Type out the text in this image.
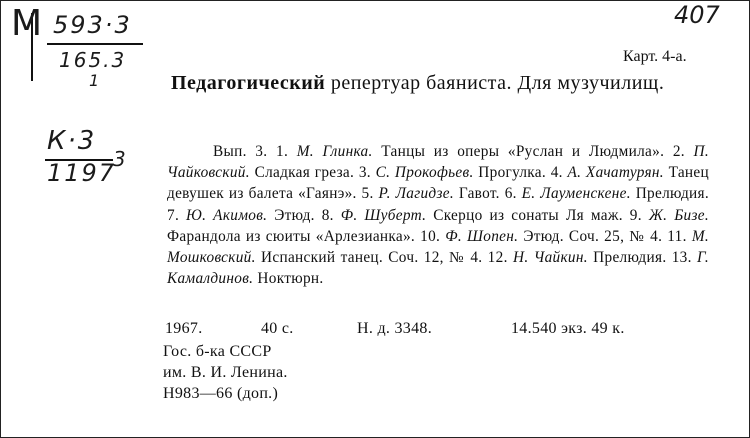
М 593·3
165.3
1
К·3
1197
3
407
Карт. 4-а.
Педагогический репертуар баяниста. Для музучилищ.
Вып. 3. 1. М. Глинка. Танцы из оперы «Руслан и Людмила». 2. П. Чайковский. Сладкая греза. 3. С. Прокофьев. Прогулка. 4. А. Хачатурян. Танец девушек из балета «Гаянэ». 5. Р. Лагидзе. Гавот. 6. Е. Лауменскене. Прелюдия. 7. Ю. Акимов. Этюд. 8. Ф. Шуберт. Скерцо из сонаты Ля маж. 9. Ж. Бизе. Фарандола из сюиты «Арлезианка». 10. Ф. Шопен. Этюд. Соч. 25, № 4. 11. М. Мошковский. Испанский танец. Соч. 12, № 4. 12. Н. Чайкин. Прелюдия. 13. Г. Камалдинов. Ноктюрн.
1967.	40 с.	Н. д. 3348.	14.540 экз. 49 к.
Гос. б-ка СССР
им. В. И. Ленина.
Н983—66 (доп.)
